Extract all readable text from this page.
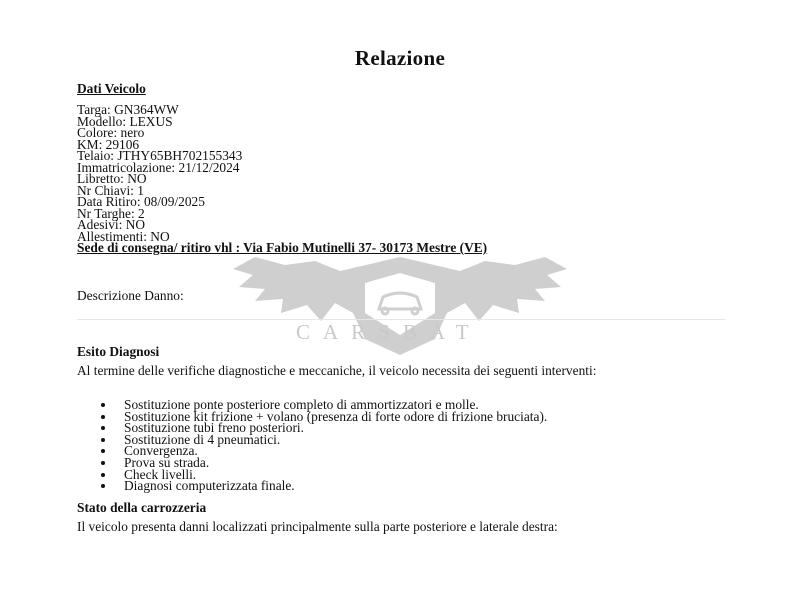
Relazione
CARSBAT
Dati Veicolo
Targa: GN364WW
Modello: LEXUS
Colore: nero
KM: 29106
Telaio: JTHY65BH702155343
Immatricolazione: 21/12/2024
Libretto: NO
Nr Chiavi: 1
Data Ritiro: 08/09/2025
Nr Targhe: 2
Adesivi: NO
Allestimenti: NO
Sede di consegna/ ritiro vhl : Via Fabio Mutinelli 37- 30173 Mestre (VE)
Descrizione Danno:
Esito Diagnosi
Al termine delle verifiche diagnostiche e meccaniche, il veicolo necessita dei seguenti interventi:
Sostituzione ponte posteriore completo di ammortizzatori e molle.
Sostituzione kit frizione + volano (presenza di forte odore di frizione bruciata).
Sostituzione tubi freno posteriori.
Sostituzione di 4 pneumatici.
Convergenza.
Prova su strada.
Check livelli.
Diagnosi computerizzata finale.
Stato della carrozzeria
Il veicolo presenta danni localizzati principalmente sulla parte posteriore e laterale destra:
